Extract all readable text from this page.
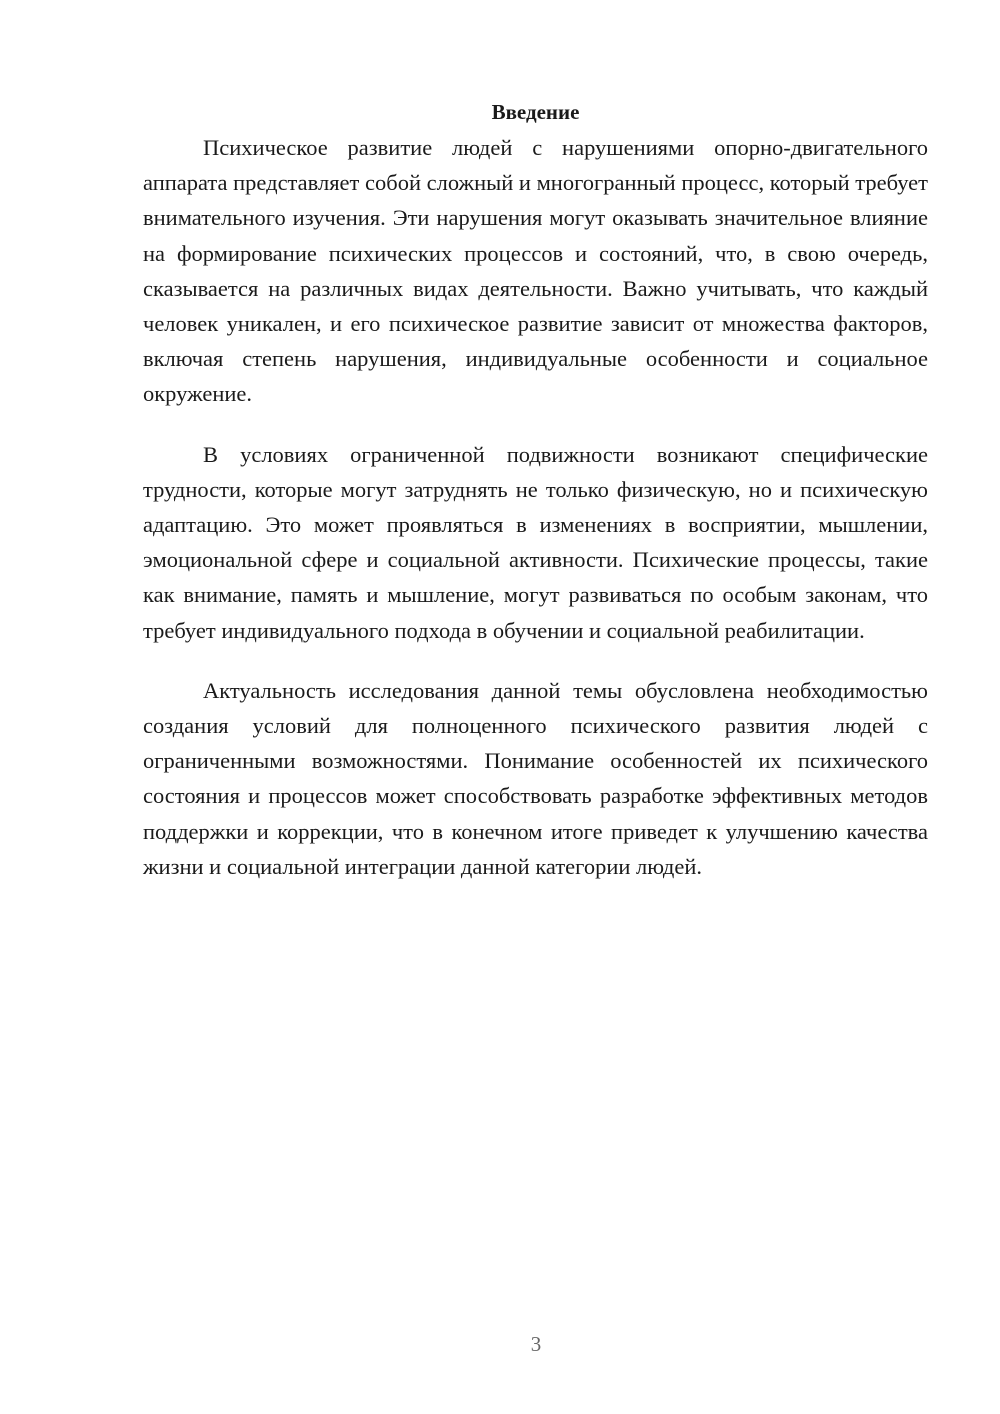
Введение

Психическое развитие людей с нарушениями опорно-двигательного аппарата представляет собой сложный и многогранный процесс, который требует внимательного изучения. Эти нарушения могут оказывать значительное влияние на формирование психических процессов и состояний, что, в свою очередь, сказывается на различных видах деятельности. Важно учитывать, что каждый человек уникален, и его психическое развитие зависит от множества факторов, включая степень нарушения, индивидуальные особенности и социальное окружение.

В условиях ограниченной подвижности возникают специфические трудности, которые могут затруднять не только физическую, но и психическую адаптацию. Это может проявляться в изменениях в восприятии, мышлении, эмоциональной сфере и социальной активности. Психические процессы, такие как внимание, память и мышление, могут развиваться по особым законам, что требует индивидуального подхода в обучении и социальной реабилитации.

Актуальность исследования данной темы обусловлена необходимостью создания условий для полноценного психического развития людей с ограниченными возможностями. Понимание особенностей их психического состояния и процессов может способствовать разработке эффективных методов поддержки и коррекции, что в конечном итоге приведет к улучшению качества жизни и социальной интеграции данной категории людей.

3
